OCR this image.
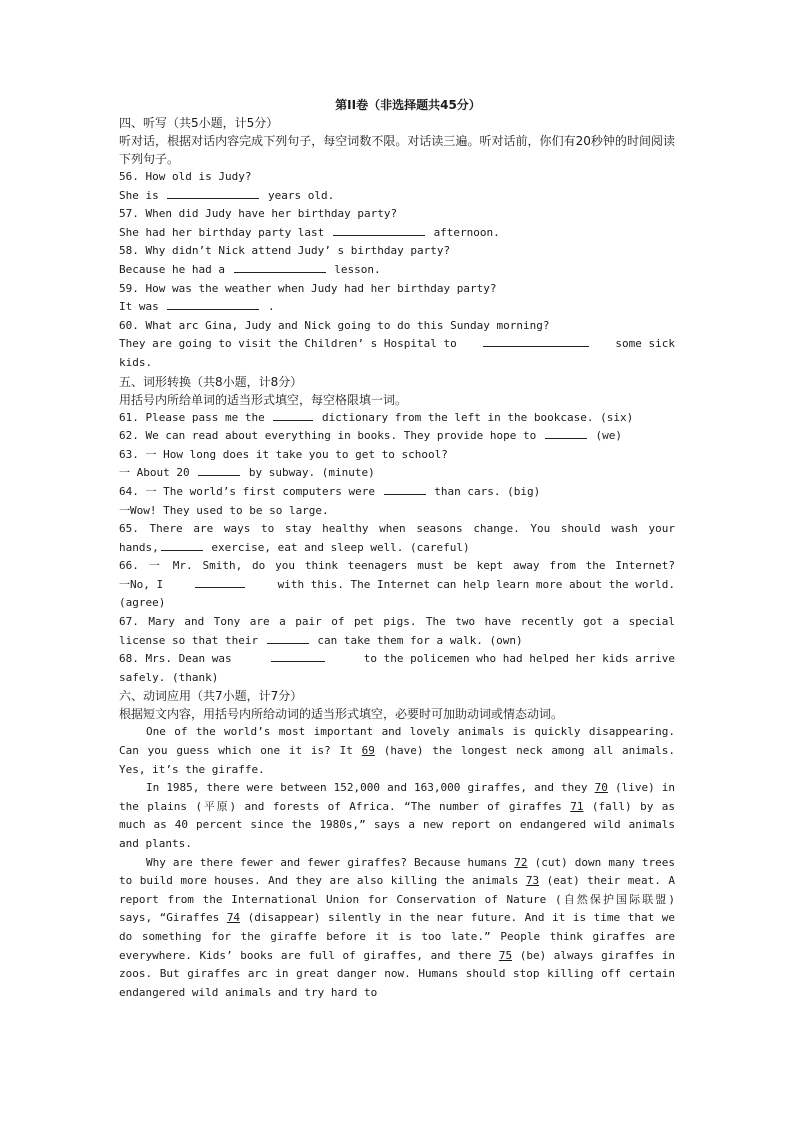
第II卷（非选择题共45分）
四、听写（共5小题，计5分）
听对话，根据对话内容完成下列句子，每空词数不限。对话读三遍。听对话前，你们有20秒钟的时间阅读下列句子。
56. How old is Judy?
She is	years old.
57. When did Judy have her birthday party?
She had her birthday party last	afternoon.
58. Why didn’t Nick attend Judy’ s birthday party?
Because he had a	lesson.
59. How was the weather when Judy had her birthday party?
It was	.
60. What arc Gina, Judy and Nick going to do this Sunday morning?
They are going to visit the Children’ s Hospital to	some sick
kids.
五、词形转换（共8小题，计8分）
用括号内所给单词的适当形式填空，每空格限填一词。
61. Please pass me the	dictionary from the left in the bookcase. (six)
62. We can read about everything in books. They provide hope to	(we)
63. 一 How long does it take you to get to school?
一 About 20	by subway. (minute)
64. 一 The world’s first computers were	than cars. (big)
一Wow! They used to be so large.
65. There are ways to stay healthy when seasons change. You should wash your
hands,	exercise, eat and sleep well. (careful)
66. 一 Mr. Smith, do you think teenagers must be kept away from the Internet?
一No, I	with this. The Internet can help learn more about the world.
(agree)
67. Mary and Tony are a pair of pet pigs. The two have recently got a special
license so that their	can take them for a walk. (own)
68. Mrs. Dean was	to the policemen who had helped her kids arrive
safely. (thank)
六、动词应用（共7小题，计7分）
根据短文内容，用括号内所给动词的适当形式填空，必要时可加助动词或情态动词。
One of the world’s most important and lovely animals is quickly disappearing. Can you guess which one it is? It 69 (have) the longest neck among all animals. Yes, it’s the giraffe.
In 1985, there were between 152,000 and 163,000 giraffes, and they 70 (live) in the plains (平原) and forests of Africa. “The number of giraffes 71 (fall) by as much as 40 percent since the 1980s,” says a new report on endangered wild animals and plants.
Why are there fewer and fewer giraffes? Because humans 72 (cut) down many trees to build more houses. And they are also killing the animals 73 (eat) their meat. A report from the International Union for Conservation of Nature (自然保护国际联盟) says, “Giraffes 74 (disappear) silently in the near future. And it is time that we do something for the giraffe before it is too late.” People think giraffes are everywhere. Kids’ books are full of giraffes, and there 75 (be) always giraffes in zoos. But giraffes arc in great danger now. Humans should stop killing off certain endangered wild animals and try hard to
